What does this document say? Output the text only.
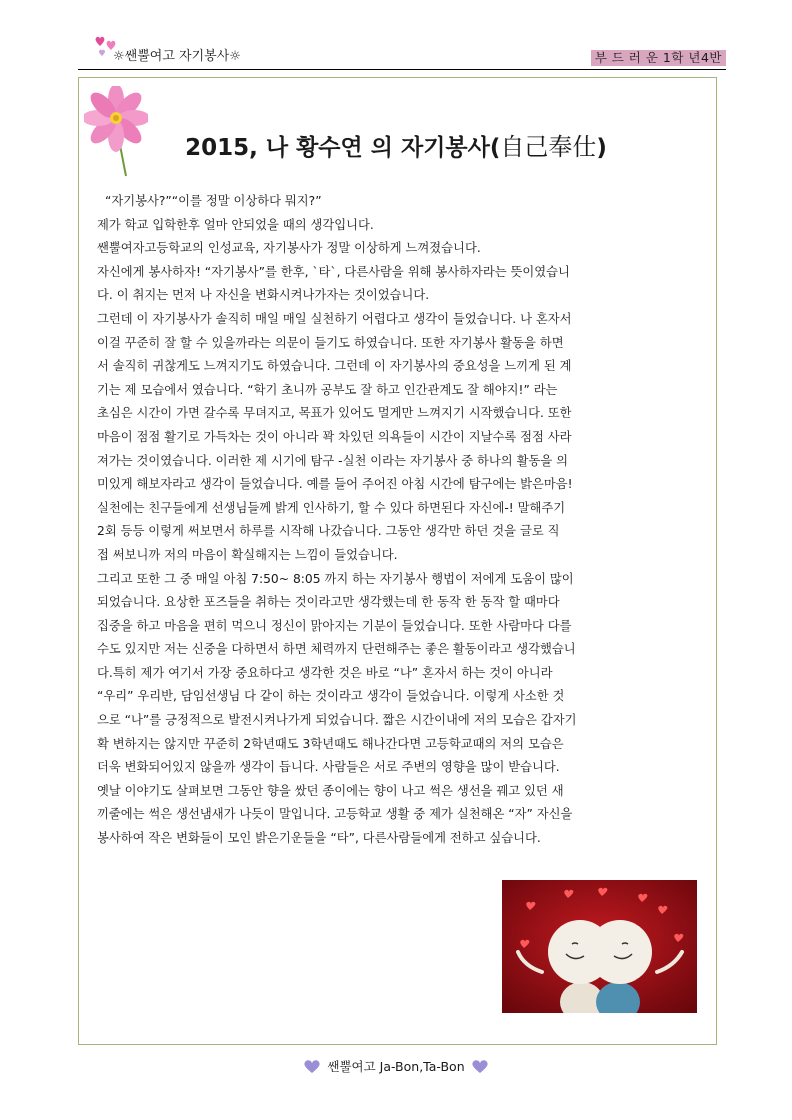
☼쌘뿔여고 자기봉사☼	부 드 러 운 1학 년4반
2015, 나 황수연 의 자기봉사(自己奉仕)

“자기봉사?”“이를 정말 이상하다 뭐지?”

제가 학교 입학한후 얼마 안되었을 때의 생각입니다.

쌘뿔여자고등학교의 인성교육, 자기봉사가 정말 이상하게 느껴졌습니다.

자신에게 봉사하자! “자기봉사”를 한후, `타`, 다른사람을 위해 봉사하자라는 뜻이였습니

다. 이 취지는 먼저 나 자신을 변화시켜나가자는 것이었습니다.

그런데 이 자기봉사가 솔직히 매일 매일 실천하기 어렵다고 생각이 들었습니다. 나 혼자서

이걸 꾸준히 잘 할 수 있을까라는 의문이 들기도 하였습니다. 또한 자기봉사 활동을 하면

서 솔직히 귀찮게도 느껴지기도 하였습니다. 그런데 이 자기봉사의 중요성을 느끼게 된 계

기는 제 모습에서 였습니다. “학기 초니까 공부도 잘 하고 인간관계도 잘 해야지!” 라는

초심은 시간이 가면 갈수록 무뎌지고, 목표가 있어도 멀게만 느껴지기 시작했습니다. 또한

마음이 점점 활기로 가득차는 것이 아니라 꽉 차있던 의욕들이 시간이 지날수록 점점 사라

져가는 것이였습니다. 이러한 제 시기에 탐구 -실천 이라는 자기봉사 중 하나의 활동을 의

미있게 해보자라고 생각이 들었습니다. 예를 들어 주어진 아침 시간에 탐구에는 밝은마음!

실천에는 친구들에게 선생님들께 밝게 인사하기, 할 수 있다 하면된다 자신에-! 말해주기

2회 등등 이렇게 써보면서 하루를 시작해 나갔습니다. 그동안 생각만 하던 것을 글로 직

접 써보니까 저의 마음이 확실해지는 느낌이 들었습니다.

그리고 또한 그 중 매일 아침 7:50~ 8:05 까지 하는 자기봉사 행법이 저에게 도움이 많이

되었습니다. 요상한 포즈들을 취하는 것이라고만 생각했는데 한 동작 한 동작 할 때마다

집중을 하고 마음을 편히 먹으니 정신이 맑아지는 기분이 들었습니다. 또한 사람마다 다를

수도 있지만 저는 신중을 다하면서 하면 체력까지 단련해주는 좋은 활동이라고 생각했습니

다.특히 제가 여기서 가장 중요하다고 생각한 것은 바로 “나” 혼자서 하는 것이 아니라

“우리” 우리반, 담임선생님 다 같이 하는 것이라고 생각이 들었습니다. 이렇게 사소한 것

으로 “나”를 긍정적으로 발전시켜나가게 되었습니다. 짧은 시간이내에 저의 모습은 갑자기

확 변하지는 않지만 꾸준히 2학년때도 3학년때도 해나간다면 고등학교때의 저의 모습은

더욱 변화되어있지 않을까 생각이 듭니다. 사람들은 서로 주변의 영향을 많이 받습니다.

옛날 이야기도 살펴보면 그동안 향을 쌌던 종이에는 향이 나고 썩은 생선을 꿰고 있던 새

끼줄에는 썩은 생선냄새가 나듯이 말입니다. 고등학교 생활 중 제가 실천해온 “자” 자신을

봉사하여 작은 변화들이 모인 밝은기운들을 “타”, 다른사람들에게 전하고 싶습니다.

쌘뿔여고 Ja-Bon,Ta-Bon
